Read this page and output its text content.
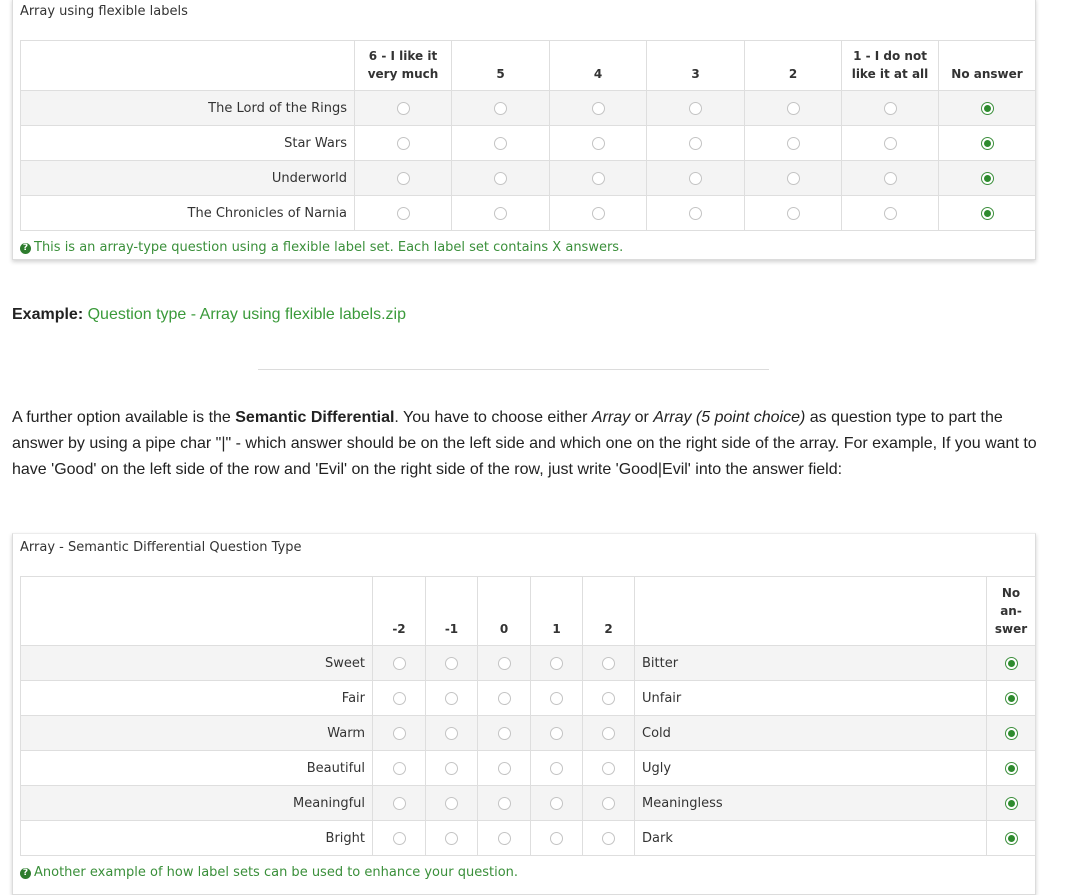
Array using flexible labels
	6 - I like it very much	5	4	3	2	1 - I do not like it at all	No answer
The Lord of the Rings							
Star Wars							
Underworld							
The Chronicles of Narnia							
? This is an array-type question using a flexible label set. Each label set contains X answers.
Example: Question type - Array using flexible labels.zip
A further option available is the Semantic Differential. You have to choose either Array or Array (5 point choice) as question type to part the answer by using a pipe char "|" - which answer should be on the left side and which one on the right side of the array. For example, If you want to have 'Good' on the left side of the row and 'Evil' on the right side of the row, just write 'Good|Evil' into the answer field:
Array - Semantic Differential Question Type
	-2	-1	0	1	2		No an- swer
Sweet						Bitter	
Fair						Unfair	
Warm						Cold	
Beautiful						Ugly	
Meaningful						Meaningless	
Bright						Dark	
? Another example of how label sets can be used to enhance your question.
